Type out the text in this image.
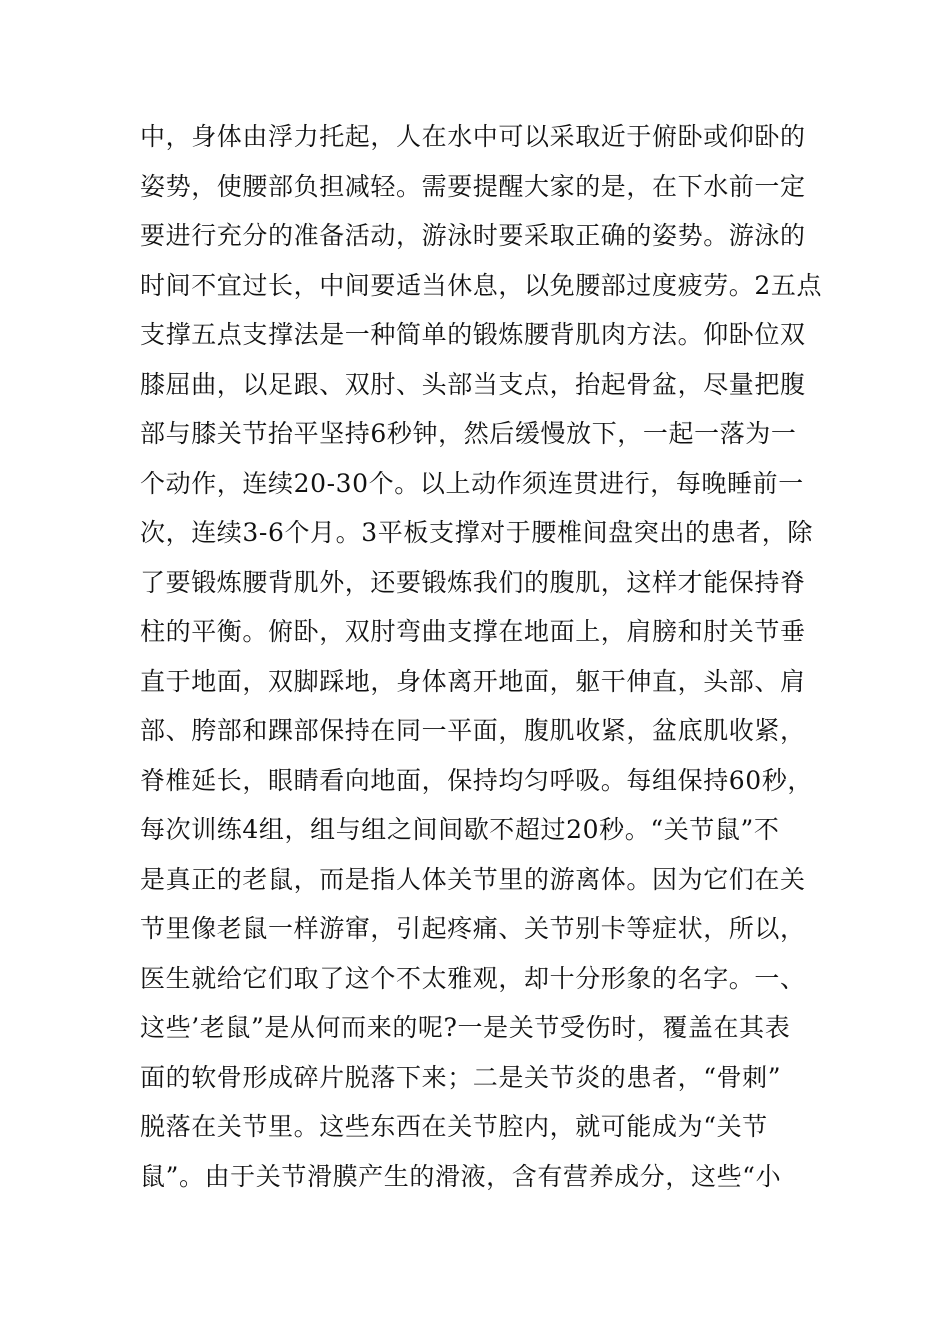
中，身体由浮力托起，人在水中可以采取近于俯卧或仰卧的
姿势，使腰部负担减轻。需要提醒大家的是，在下水前一定
要进行充分的准备活动，游泳时要采取正确的姿势。游泳的
时间不宜过长，中间要适当休息，以免腰部过度疲劳。2五点
支撑五点支撑法是一种简单的锻炼腰背肌肉方法。仰卧位双
膝屈曲，以足跟、双肘、头部当支点，抬起骨盆，尽量把腹
部与膝关节抬平坚持6秒钟，然后缓慢放下，一起一落为一
个动作，连续20-30个。以上动作须连贯进行，每晚睡前一
次，连续3-6个月。3平板支撑对于腰椎间盘突出的患者，除
了要锻炼腰背肌外，还要锻炼我们的腹肌，这样才能保持脊
柱的平衡。俯卧，双肘弯曲支撑在地面上，肩膀和肘关节垂
直于地面，双脚踩地，身体离开地面，躯干伸直，头部、肩
部、胯部和踝部保持在同一平面，腹肌收紧，盆底肌收紧，
脊椎延长，眼睛看向地面，保持均匀呼吸。每组保持60秒，
每次训练4组，组与组之间间歇不超过20秒。“关节鼠”不
是真正的老鼠，而是指人体关节里的游离体。因为它们在关
节里像老鼠一样游窜，引起疼痛、关节别卡等症状，所以，
医生就给它们取了这个不太雅观，却十分形象的名字。一、
这些’老鼠”是从何而来的呢?一是关节受伤时，覆盖在其表
面的软骨形成碎片脱落下来；二是关节炎的患者，“骨刺”
脱落在关节里。这些东西在关节腔内，就可能成为“关节
鼠”。由于关节滑膜产生的滑液，含有营养成分，这些“小
